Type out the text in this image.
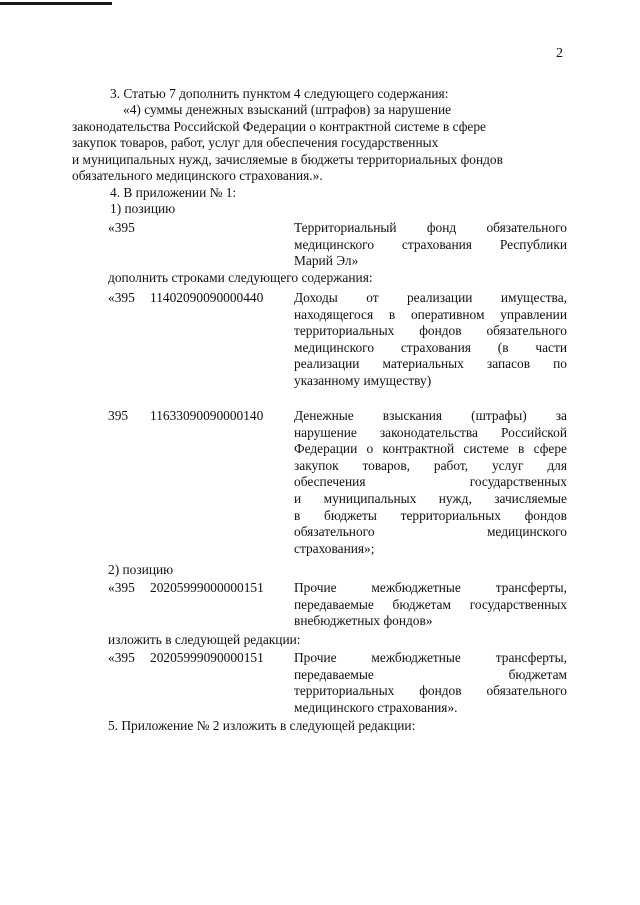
2
3. Статью 7 дополнить пунктом 4 следующего содержания:
«4) суммы денежных взысканий (штрафов) за нарушение
законодательства Российской Федерации о контрактной системе в сфере
закупок товаров, работ, услуг для обеспечения государственных
и муниципальных нужд, зачисляемые в бюджеты территориальных фондов
обязательного медицинского страхования.».
4. В приложении № 1:
1) позицию
«395	Территориальный фонд обязательного
медицинского страхования Республики
Марий Эл»
дополнить строками следующего содержания:
«395 11402090090000440 Доходы от реализации имущества,
находящегося в оперативном управлении
территориальных фондов обязательного
медицинского страхования (в части
реализации материальных запасов по
указанному имуществу)
395 11633090090000140 Денежные взыскания (штрафы) за
нарушение законодательства Российской
Федерации о контрактной системе в сфере
закупок товаров, работ, услуг для
обеспечения государственных
и муниципальных нужд, зачисляемые
в бюджеты территориальных фондов
обязательного медицинского
страхования»;
2) позицию
«395 20205999000000151 Прочие межбюджетные трансферты,
передаваемые бюджетам государственных
внебюджетных фондов»
изложить в следующей редакции:
«395 20205999090000151 Прочие межбюджетные трансферты,
передаваемые бюджетам
территориальных фондов обязательного
медицинского страхования».
5. Приложение № 2 изложить в следующей редакции:
